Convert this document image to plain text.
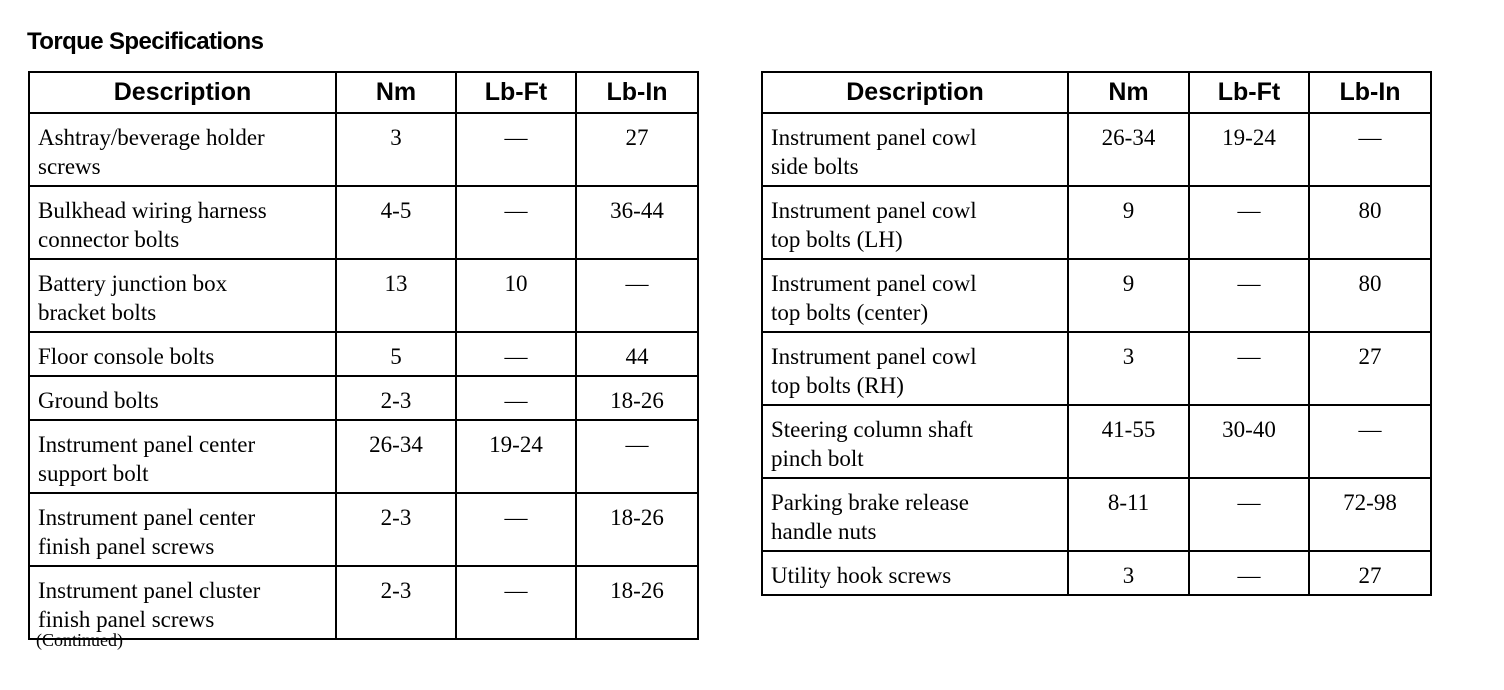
Torque Specifications
Description	Nm	Lb-Ft	Lb-In

Ashtray/beverage holder
screws	3	—	27

Bulkhead wiring harness
connector bolts	4-5	—	36-44

Battery junction box
bracket bolts	13	10	—

Floor console bolts	5	—	44

Ground bolts	2-3	—	18-26

Instrument panel center
support bolt	26-34	19-24	—

Instrument panel center
finish panel screws	2-3	—	18-26

Instrument panel cluster
finish panel screws	2-3	—	18-26
Description	Nm	Lb-Ft	Lb-In

Instrument panel cowl
side bolts	26-34	19-24	—

Instrument panel cowl
top bolts (LH)	9	—	80

Instrument panel cowl
top bolts (center)	9	—	80

Instrument panel cowl
top bolts (RH)	3	—	27

Steering column shaft
pinch bolt	41-55	30-40	—

Parking brake release
handle nuts	8-11	—	72-98

Utility hook screws	3	—	27
(Continued)
